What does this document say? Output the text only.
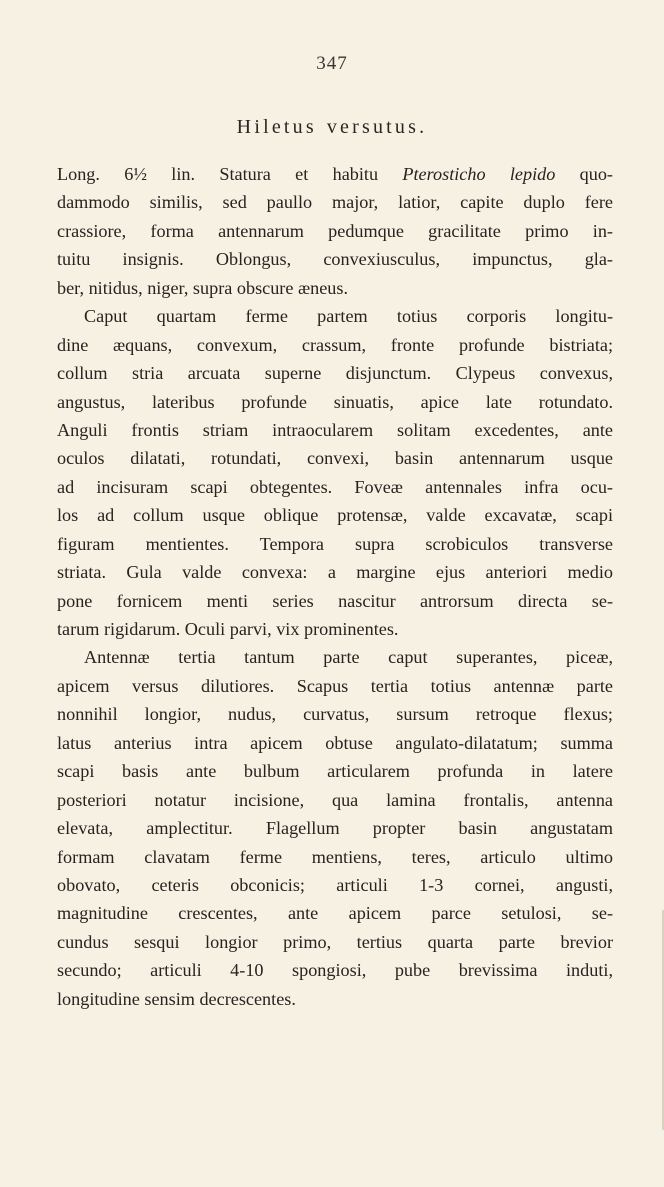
347
Hiletus versutus.
Long. 6½ lin. Statura et habitu Pterosticho lepido quo-
dammodo similis, sed paullo major, latior, capite duplo fere
crassiore, forma antennarum pedumque gracilitate primo in-
tuitu insignis. Oblongus, convexiusculus, impunctus, gla-
ber, nitidus, niger, supra obscure æneus.
Caput quartam ferme partem totius corporis longitu-
dine æquans, convexum, crassum, fronte profunde bistriata;
collum stria arcuata superne disjunctum. Clypeus convexus,
angustus, lateribus profunde sinuatis, apice late rotundato.
Anguli frontis striam intraocularem solitam excedentes, ante
oculos dilatati, rotundati, convexi, basin antennarum usque
ad incisuram scapi obtegentes. Foveæ antennales infra ocu-
los ad collum usque oblique protensæ, valde excavatæ, scapi
figuram mentientes. Tempora supra scrobiculos transverse
striata. Gula valde convexa: a margine ejus anteriori medio
pone fornicem menti series nascitur antrorsum directa se-
tarum rigidarum. Oculi parvi, vix prominentes.
Antennæ tertia tantum parte caput superantes, piceæ,
apicem versus dilutiores. Scapus tertia totius antennæ parte
nonnihil longior, nudus, curvatus, sursum retroque flexus;
latus anterius intra apicem obtuse angulato-dilatatum; summa
scapi basis ante bulbum articularem profunda in latere
posteriori notatur incisione, qua lamina frontalis, antenna
elevata, amplectitur. Flagellum propter basin angustatam
formam clavatam ferme mentiens, teres, articulo ultimo
obovato, ceteris obconicis; articuli 1-3 cornei, angusti,
magnitudine crescentes, ante apicem parce setulosi, se-
cundus sesqui longior primo, tertius quarta parte brevior
secundo; articuli 4-10 spongiosi, pube brevissima induti,
longitudine sensim decrescentes.
